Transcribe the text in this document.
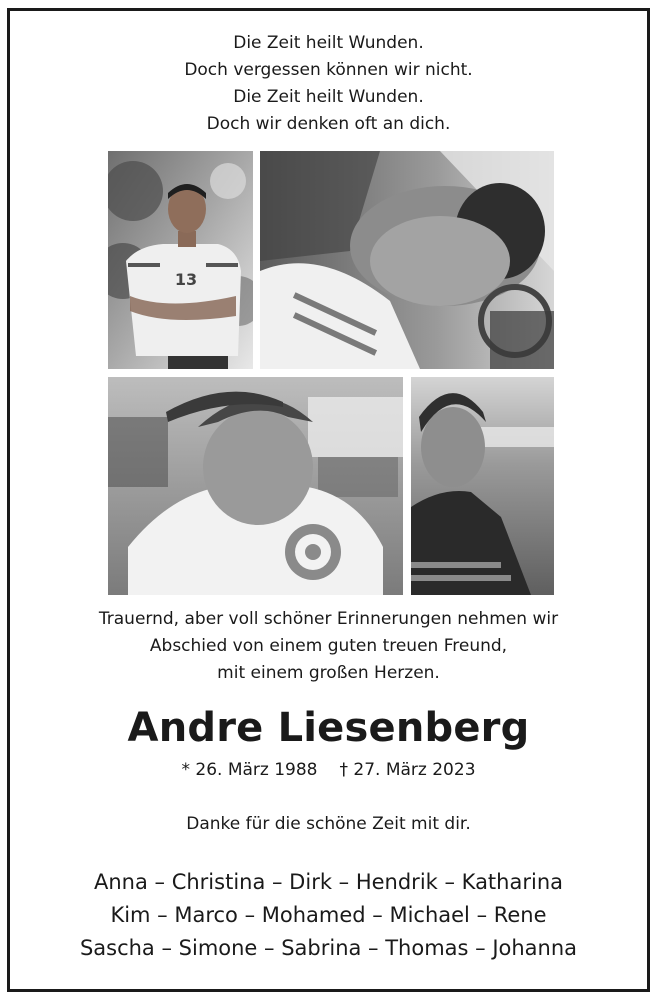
Die Zeit heilt Wunden.
Doch vergessen können wir nicht.
Die Zeit heilt Wunden.
Doch wir denken oft an dich.
13
Trauernd, aber voll schöner Erinnerungen nehmen wir
Abschied von einem guten treuen Freund,
mit einem großen Herzen.
Andre Liesenberg
* 26. März 1988 † 27. März 2023
Danke für die schöne Zeit mit dir.
Anna – Christina – Dirk – Hendrik – Katharina
Kim – Marco – Mohamed – Michael – Rene
Sascha – Simone – Sabrina – Thomas – Johanna
